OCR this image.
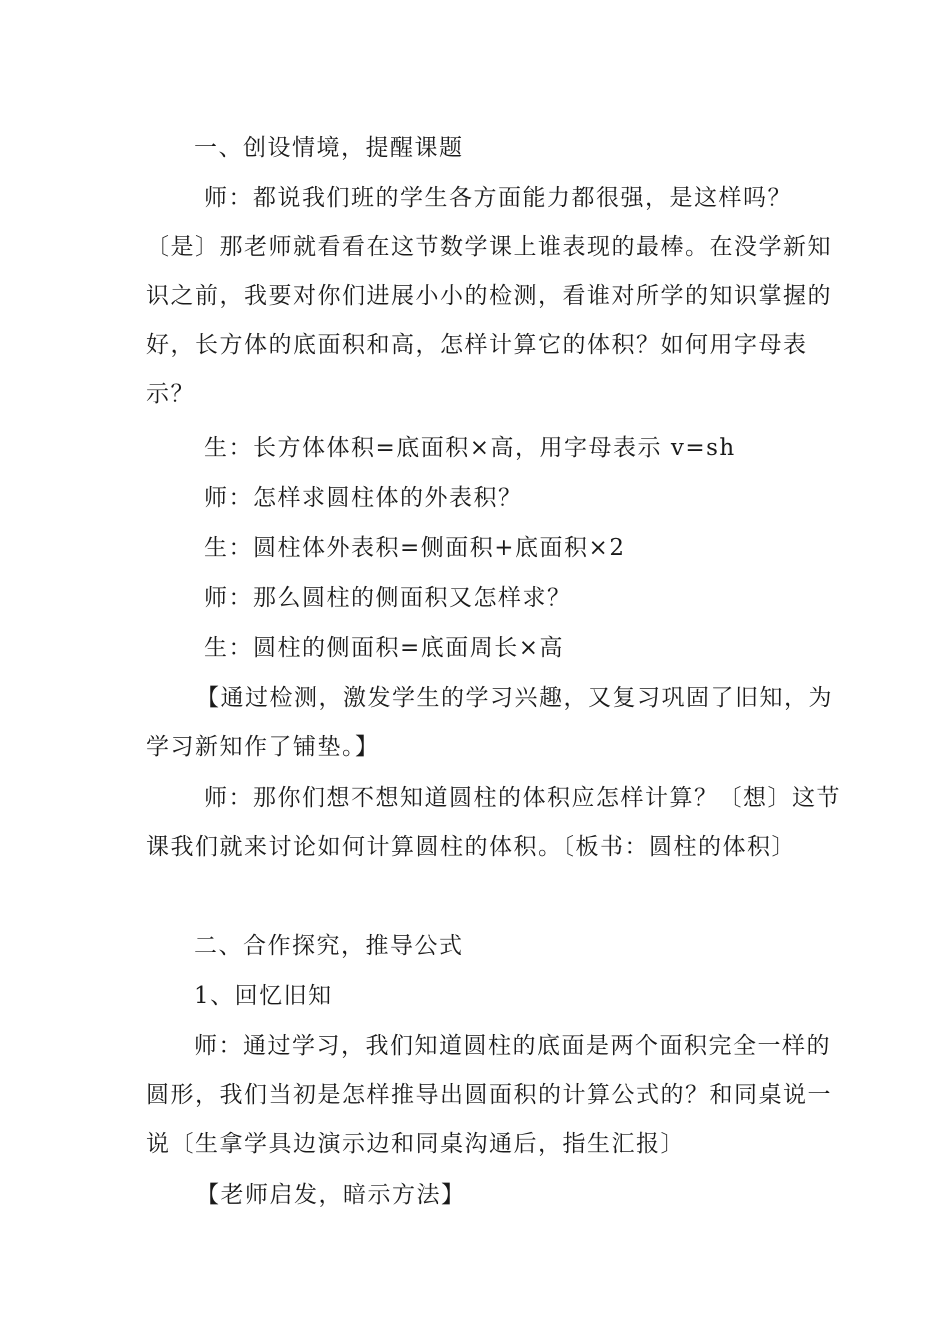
一、创设情境，提醒课题

师：都说我们班的学生各方面能力都很强，是这样吗？〔是〕那老师就看看在这节数学课上谁表现的最棒。在没学新知识之前，我要对你们进展小小的检测，看谁对所学的知识掌握的好，长方体的底面积和高，怎样计算它的体积？如何用字母表示？

生：长方体体积=底面积×高，用字母表示 v=sh

师：怎样求圆柱体的外表积？

生：圆柱体外表积=侧面积+底面积×2

师：那么圆柱的侧面积又怎样求？

生：圆柱的侧面积=底面周长×高

【通过检测，激发学生的学习兴趣，又复习巩固了旧知，为学习新知作了铺垫。】

师：那你们想不想知道圆柱的体积应怎样计算？〔想〕这节课我们就来讨论如何计算圆柱的体积。〔板书：圆柱的体积〕

二、合作探究，推导公式

1、回忆旧知

师：通过学习，我们知道圆柱的底面是两个面积完全一样的圆形，我们当初是怎样推导出圆面积的计算公式的？和同桌说一说〔生拿学具边演示边和同桌沟通后，指生汇报〕

【老师启发，暗示方法】
